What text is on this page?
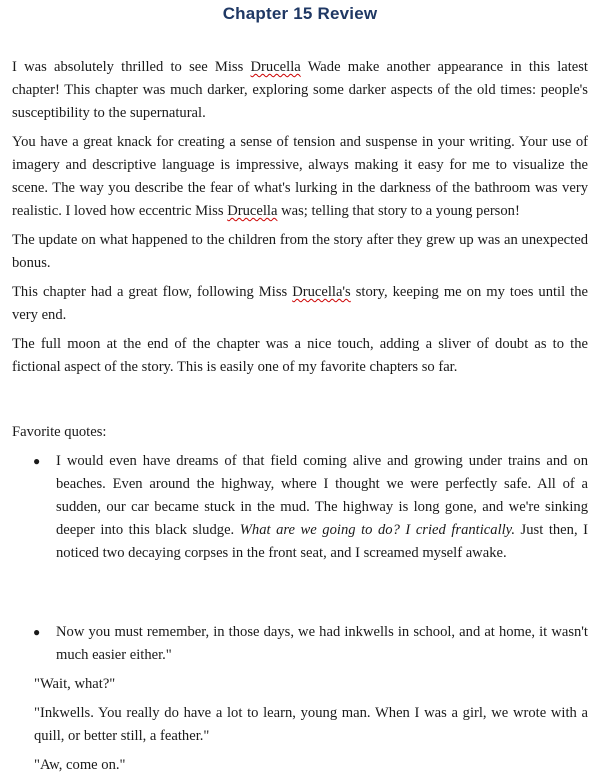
Chapter 15 Review

I was absolutely thrilled to see Miss Drucella Wade make another appearance in this latest chapter! This chapter was much darker, exploring some darker aspects of the old times: people's susceptibility to the supernatural.

You have a great knack for creating a sense of tension and suspense in your writing. Your use of imagery and descriptive language is impressive, always making it easy for me to visualize the scene. The way you describe the fear of what's lurking in the darkness of the bathroom was very realistic. I loved how eccentric Miss Drucella was; telling that story to a young person!

The update on what happened to the children from the story after they grew up was an unexpected bonus.

This chapter had a great flow, following Miss Drucella's story, keeping me on my toes until the very end.

The full moon at the end of the chapter was a nice touch, adding a sliver of doubt as to the fictional aspect of the story. This is easily one of my favorite chapters so far.

Favorite quotes:

● I would even have dreams of that field coming alive and growing under trains and on beaches. Even around the highway, where I thought we were perfectly safe. All of a sudden, our car became stuck in the mud. The highway is long gone, and we're sinking deeper into this black sludge. What are we going to do? I cried frantically. Just then, I noticed two decaying corpses in the front seat, and I screamed myself awake.

● Now you must remember, in those days, we had inkwells in school, and at home, it wasn't much easier either."

"Wait, what?"

"Inkwells. You really do have a lot to learn, young man. When I was a girl, we wrote with a quill, or better still, a feather."

"Aw, come on."
